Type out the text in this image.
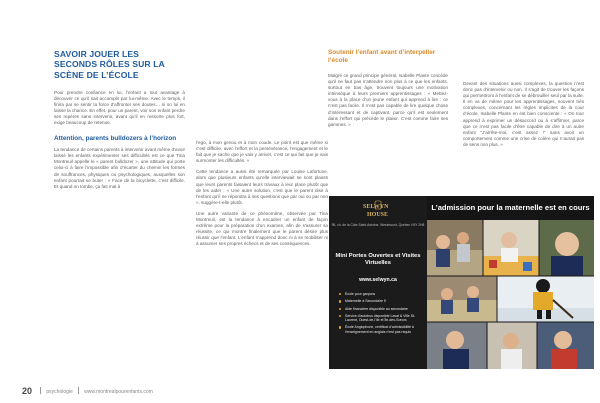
SAVOIR JOUER LES SECONDS RÔLES SUR LA SCÈNE DE L’ÉCOLE

Pour prendre confiance en lui, l’enfant a tout avantage à découvrir ce qu’il sait accomplir par lui-même. Avec le temps, il finira par se sentir la force d’affronter ses doutes… si on lui en laisse la chance. En effet, pour un parent, voir son enfant perdre ses repères sans intervenir, avant qu’il en ressorte plus fort, exige beaucoup de retenue.

Attention, parents bulldozers à l’horizon

La tendance de certains parents à intervenir avant même d’avoir laissé les enfants expérimenter ses difficultés est ce que Tina Montreuil appelle le « parent bulldozer », une attitude qui porte celui-ci à faire l’impossible afin d’écarter du chemin les formes de souffrances, physiques ou psychologiques, auxquelles son enfant pourrait se buter : « Face de la bicyclette, c’est difficile. Et quand on tombe, ça fait mal à

l’ego, à mon genou et à mon coude. Le point est que même si c’est difficile, avec l’effort et la persévérance, l’engagement et le fait que je sache que je vais y arriver, c’est ce qui fait que je vais surmonter les difficultés. »

Cette tendance a aussi été remarquée par Louise Lafortune, alors que plusieurs enfants qu’elle interviewait se sont plaints que leurs parents faisaient leurs travaux à leur place plutôt que de les aider : « Une autre solution, c’est que le parent dise à l’enfant qu’il ne répondra à ses questions que par oui ou par non », suggère-t-elle plutôt.

Une autre variante de ce phénomène, observée par Tina Montreuil, est la tendance à encadrer un enfant de façon extrême pour la préparation d’un examen, afin de s’assurer sa réussite, ce qui montre finalement que le parent désire plus réussir que l’enfant. L’enfant n’apprend donc ni à se mobiliser ni à assumer ses propres échecs et de ses conséquences.

Soutenir l’enfant avant d’interpeller l’école

Malgré ce grand principe général, Isabelle Plante concède qu’il ne faut pas s’attendre non plus à ce que les enfants, surtout en bas âge, trouvent toujours une motivation intrinsèque à leurs premiers apprentissages : « Mettez-vous à la place d’un jeune enfant qui apprend à lire : ce n’est pas facile. Il n’est pas capable de lire quelque chose d’intéressant et de captivant, parce qu’il est seulement dans l’effort qui précède le plaisir. C’est comme faire ses gammes. »

Devant des situations aussi complexes, la question n’est donc pas d’intervenir ou non. Il s’agit de trouver les façons qui permettront à l’enfant de se débrouiller seul par la suite. Il en va de même pour les apprentissages, souvent très complexes, concernant les règles implicites de la cour d’école. Isabelle Plante en est bien consciente : « On tour apprend à exprimer un désaccord ou à s’affirmer, parce que ce n’est pas facile d’être capable de dire à un autre enfant “J’arrête-moi, c’est assez !” sans avoir un comportement comme une crise de colère qui n’aurait pas de sens non plus. »

SELWYN
HOUSE
95, ch. de la Côte-Saint-Antoine, Westmount, Québec H3Y 2H8
Mini Portes Ouvertes et Visites Virtuelles
www.selwyn.ca
École pour garçons
Maternelle à Secondaire 5
Aide financière disponible au secondaire
Service d’autobus disponible Laval & Ville St-Laurent, Ouest-de-l’île et Île-des-Sœurs
École Anglophone, certificat d’admissibilité à l’enseignement en anglais n’est pas requis
L’admission pour la maternelle est en cours
20	psychologie www.montrealpourenfants.com
